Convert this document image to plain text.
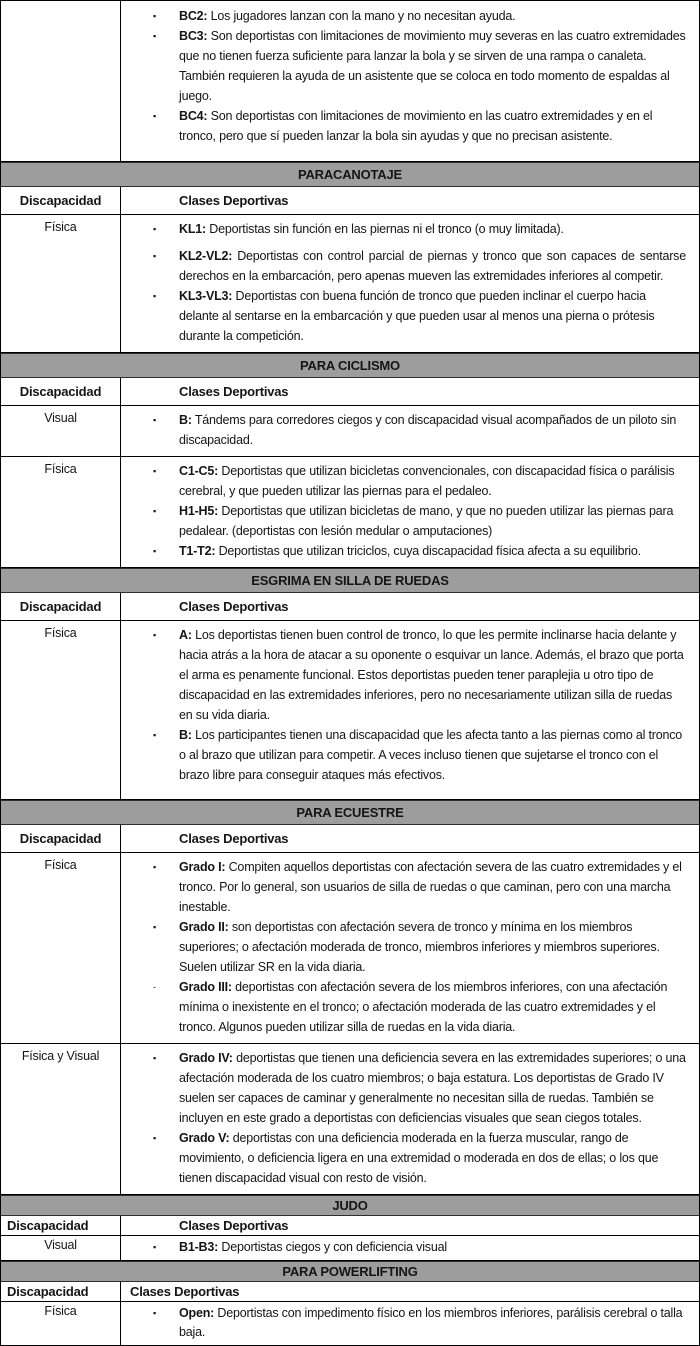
▪	BC2: Los jugadores lanzan con la mano y no necesitan ayuda.
▪	BC3: Son deportistas con limitaciones de movimiento muy severas en las cuatro extremidades que no tienen fuerza suficiente para lanzar la bola y se sirven de una rampa o canaleta. También requieren la ayuda de un asistente que se coloca en todo momento de espaldas al juego.
▪	BC4: Son deportistas con limitaciones de movimiento en las cuatro extremidades y en el tronco, pero que sí pueden lanzar la bola sin ayudas y que no precisan asistente.
PARACANOTAJE
Discapacidad	Clases Deportivas
Física	▪	KL1: Deportistas sin función en las piernas ni el tronco (o muy limitada).
▪	KL2-VL2: Deportistas con control parcial de piernas y tronco que son capaces de sentarse derechos en la embarcación, pero apenas mueven las extremidades inferiores al competir.
▪	KL3-VL3: Deportistas con buena función de tronco que pueden inclinar el cuerpo hacia delante al sentarse en la embarcación y que pueden usar al menos una pierna o prótesis durante la competición.
PARA CICLISMO
Discapacidad	Clases Deportivas
Visual	▪	B: Tándems para corredores ciegos y con discapacidad visual acompañados de un piloto sin discapacidad.
Física	▪	C1-C5: Deportistas que utilizan bicicletas convencionales, con discapacidad física o parálisis cerebral, y que pueden utilizar las piernas para el pedaleo.
▪	H1-H5: Deportistas que utilizan bicicletas de mano, y que no pueden utilizar las piernas para pedalear. (deportistas con lesión medular o amputaciones)
▪	T1-T2: Deportistas que utilizan triciclos, cuya discapacidad física afecta a su equilibrio.
ESGRIMA EN SILLA DE RUEDAS
Discapacidad	Clases Deportivas
Física	▪	A: Los deportistas tienen buen control de tronco, lo que les permite inclinarse hacia delante y hacia atrás a la hora de atacar a su oponente o esquivar un lance. Además, el brazo que porta el arma es penamente funcional. Estos deportistas pueden tener paraplejia u otro tipo de discapacidad en las extremidades inferiores, pero no necesariamente utilizan silla de ruedas en su vida diaria.
▪	B: Los participantes tienen una discapacidad que les afecta tanto a las piernas como al tronco o al brazo que utilizan para competir. A veces incluso tienen que sujetarse el tronco con el brazo libre para conseguir ataques más efectivos.
PARA ECUESTRE
Discapacidad	Clases Deportivas
Física	▪	Grado I: Compiten aquellos deportistas con afectación severa de las cuatro extremidades y el tronco. Por lo general, son usuarios de silla de ruedas o que caminan, pero con una marcha inestable.
▪	Grado II: son deportistas con afectación severa de tronco y mínima en los miembros superiores; o afectación moderada de tronco, miembros inferiores y miembros superiores. Suelen utilizar SR en la vida diaria.
-	Grado III: deportistas con afectación severa de los miembros inferiores, con una afectación mínima o inexistente en el tronco; o afectación moderada de las cuatro extremidades y el tronco. Algunos pueden utilizar silla de ruedas en la vida diaria.
Física y Visual	▪	Grado IV: deportistas que tienen una deficiencia severa en las extremidades superiores; o una afectación moderada de los cuatro miembros; o baja estatura. Los deportistas de Grado IV suelen ser capaces de caminar y generalmente no necesitan silla de ruedas. También se incluyen en este grado a deportistas con deficiencias visuales que sean ciegos totales.
▪	Grado V: deportistas con una deficiencia moderada en la fuerza muscular, rango de movimiento, o deficiencia ligera en una extremidad o moderada en dos de ellas; o los que tienen discapacidad visual con resto de visión.
JUDO
Discapacidad	Clases Deportivas
Visual	▪	B1-B3: Deportistas ciegos y con deficiencia visual
PARA POWERLIFTING
Discapacidad	Clases Deportivas
Física	▪	Open: Deportistas con impedimento físico en los miembros inferiores, parálisis cerebral o talla baja.
